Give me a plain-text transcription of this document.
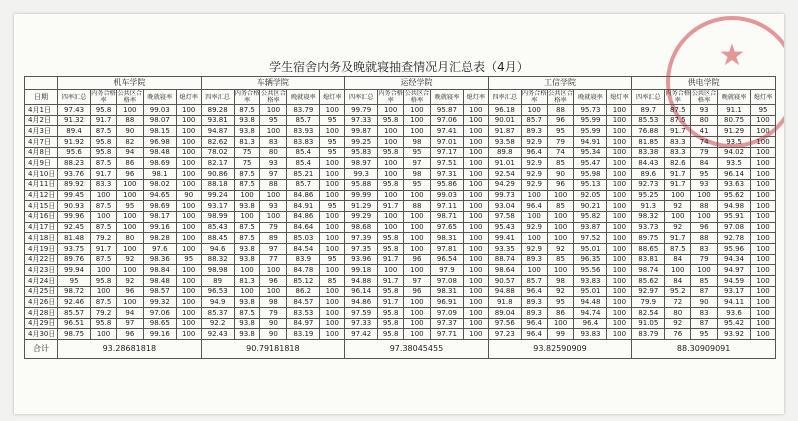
★
学生宿舍内务及晚就寝抽查情况月汇总表（4月）
	机车学院					车辆学院					运经学院					工信学院					供电学院				
日期	四率汇总	内务合格率	公共区合格率	晚就寝率	熄灯率	四率汇总	内务合格率	公共区合格率	晚就寝率	熄灯率	四率汇总	内务合格率	公共区合格率	晚就寝率	熄灯率	四率汇总	内务合格率	公共区合格率	晚就寝率	熄灯率	四率汇总	内务合格率	公共区合格率	晚就寝率	熄灯率
4月1日	97.43	95.8	100	99.03	100	89.28	87.5	100	83.79	100	99.79	100	100	95.87	100	96.18	100	88	95.73	100	89.7	87.5	93	91.1	95
4月2日	91.32	91.7	88	98.07	100	93.81	93.8	95	85.7	95	97.33	95.8	100	97.06	100	90.01	85.7	96	95.99	100	85.53	87.5	80	80.75	100
4月3日	89.4	87.5	90	98.15	100	94.87	93.8	100	83.93	100	99.87	100	100	97.41	100	91.87	89.3	95	95.99	100	76.88	91.7	41	91.29	100
4月7日	91.92	95.8	82	96.98	100	82.62	81.3	83	83.83	95	99.25	100	98	97.01	100	93.58	92.9	79	94.91	100	81.85	83.3	74	93.5	100
4月8日	95.6	95.8	94	98.48	100	78.02	75	80	85.4	95	95.83	95.8	95	97.17	100	89.8	96.4	74	95.34	100	83.38	83.3	79	94.02	100
4月9日	88.23	87.5	86	98.69	100	82.17	75	93	85.4	100	98.97	100	97	97.51	100	91.01	92.9	85	95.47	100	84.43	82.6	84	93.5	100
4月10日	93.76	91.7	96	98.1	100	90.86	87.5	97	85.21	100	99.3	100	98	97.31	100	92.54	92.9	90	95.98	100	89.6	91.7	95	96.14	100
4月11日	89.92	83.3	100	98.02	100	88.18	87.5	88	85.7	100	95.88	95.8	95	95.86	100	94.29	92.9	96	95.13	100	92.73	91.7	93	93.63	100
4月12日	99.45	100	100	94.65	90	99.24	100	100	84.86	100	99.99	100	100	99.03	100	99.73	100	100	92.05	100	95.25	100	100	95.62	100
4月15日	90.93	87.5	95	98.69	100	93.17	93.8	93	84.91	95	91.29	91.7	88	97.11	100	93.04	96.4	85	90.21	100	91.3	92	88	94.98	100
4月16日	99.96	100	100	98.17	100	98.99	100	100	84.86	100	99.29	100	100	98.71	100	97.58	100	100	95.82	100	98.32	100	100	95.91	100
4月17日	92.45	87.5	100	99.16	100	85.43	87.5	79	84.64	100	98.68	100	100	97.65	100	95.43	92.9	100	93.87	100	93.73	92	96	97.08	100
4月18日	81.48	79.2	80	98.28	100	88.45	87.5	89	85.03	100	97.39	95.8	100	98.31	100	99.41	100	100	97.52	100	89.75	91.7	88	92.78	100
4月19日	93.75	91.7	100	97.6	100	94.6	93.8	97	84.54	100	97.35	95.8	100	97.81	100	93.35	92.9	92	95.01	100	88.65	87.5	83	95.96	100
4月22日	89.76	87.5	92	98.36	95	88.32	93.8	77	83.9	95	93.96	91.7	96	96.54	100	88.74	89.3	85	96.35	100	83.81	84	79	94.34	100
4月23日	99.94	100	100	98.84	100	98.98	100	100	84.78	100	99.18	100	100	97.9	100	98.64	100	100	95.56	100	98.74	100	100	94.97	100
4月24日	95	95.8	92	98.48	100	89	81.3	96	85.12	85	94.88	91.7	97	97.08	100	90.57	85.7	98	93.83	100	85.62	84	85	94.59	100
4月25日	98.72	100	96	98.57	100	96.53	100	100	86.2	100	96.14	95.8	96	98.31	100	94.88	96.4	92	95.01	100	92.97	95.2	87	93.17	100
4月26日	92.46	87.5	100	99.32	100	94.9	93.8	98	84.57	100	94.86	91.7	100	96.91	100	91.8	89.3	95	94.48	100	79.9	72	90	94.11	100
4月28日	85.57	79.2	94	97.06	100	85.37	87.5	79	83.53	100	97.59	95.8	100	97.09	100	89.04	89.3	86	94.74	100	82.54	80	83	93.6	100
4月29日	96.51	95.8	97	98.65	100	92.2	93.8	90	84.97	100	97.33	95.8	100	97.37	100	97.56	96.4	100	96.4	100	91.05	92	87	95.42	100
4月30日	98.75	100	96	99.16	100	92.43	93.8	90	83.19	100	97.42	95.8	100	97.71	100	97.23	96.4	99	93.83	100	83.79	76	95	93.92	100
合计	93.28681818					90.79181818					97.38045455					93.82590909					88.30909091				
